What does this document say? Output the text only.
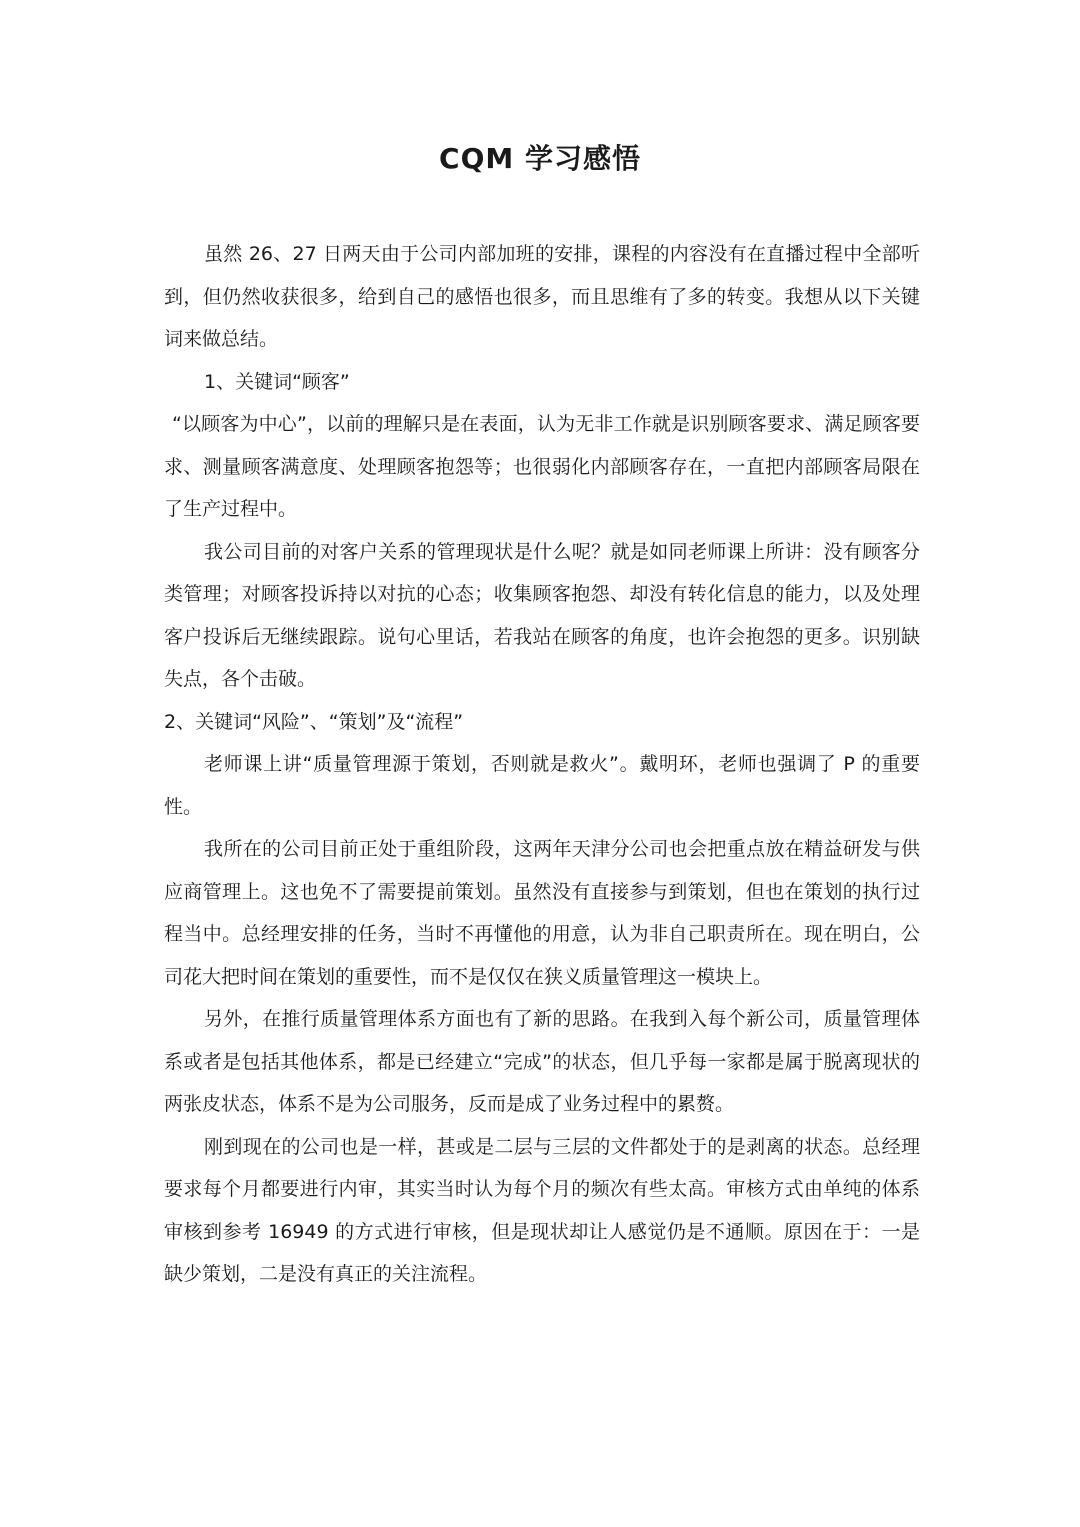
CQM 学习感悟

虽然 26、27 日两天由于公司内部加班的安排，课程的内容没有在直播过程中全部听到，但仍然收获很多，给到自己的感悟也很多，而且思维有了多的转变。我想从以下关键词来做总结。

1、关键词“顾客”

“以顾客为中心”，以前的理解只是在表面，认为无非工作就是识别顾客要求、满足顾客要求、测量顾客满意度、处理顾客抱怨等；也很弱化内部顾客存在，一直把内部顾客局限在了生产过程中。

我公司目前的对客户关系的管理现状是什么呢？就是如同老师课上所讲：没有顾客分类管理；对顾客投诉持以对抗的心态；收集顾客抱怨、却没有转化信息的能力，以及处理客户投诉后无继续跟踪。说句心里话，若我站在顾客的角度，也许会抱怨的更多。识别缺失点，各个击破。

2、关键词“风险”、“策划”及“流程”

老师课上讲“质量管理源于策划，否则就是救火”。戴明环，老师也强调了 P 的重要性。

我所在的公司目前正处于重组阶段，这两年天津分公司也会把重点放在精益研发与供应商管理上。这也免不了需要提前策划。虽然没有直接参与到策划，但也在策划的执行过程当中。总经理安排的任务，当时不再懂他的用意，认为非自己职责所在。现在明白，公司花大把时间在策划的重要性，而不是仅仅在狭义质量管理这一模块上。

另外，在推行质量管理体系方面也有了新的思路。在我到入每个新公司，质量管理体系或者是包括其他体系，都是已经建立“完成”的状态，但几乎每一家都是属于脱离现状的两张皮状态，体系不是为公司服务，反而是成了业务过程中的累赘。

刚到现在的公司也是一样，甚或是二层与三层的文件都处于的是剥离的状态。总经理要求每个月都要进行内审，其实当时认为每个月的频次有些太高。审核方式由单纯的体系审核到参考 16949 的方式进行审核，但是现状却让人感觉仍是不通顺。原因在于：一是缺少策划，二是没有真正的关注流程。
